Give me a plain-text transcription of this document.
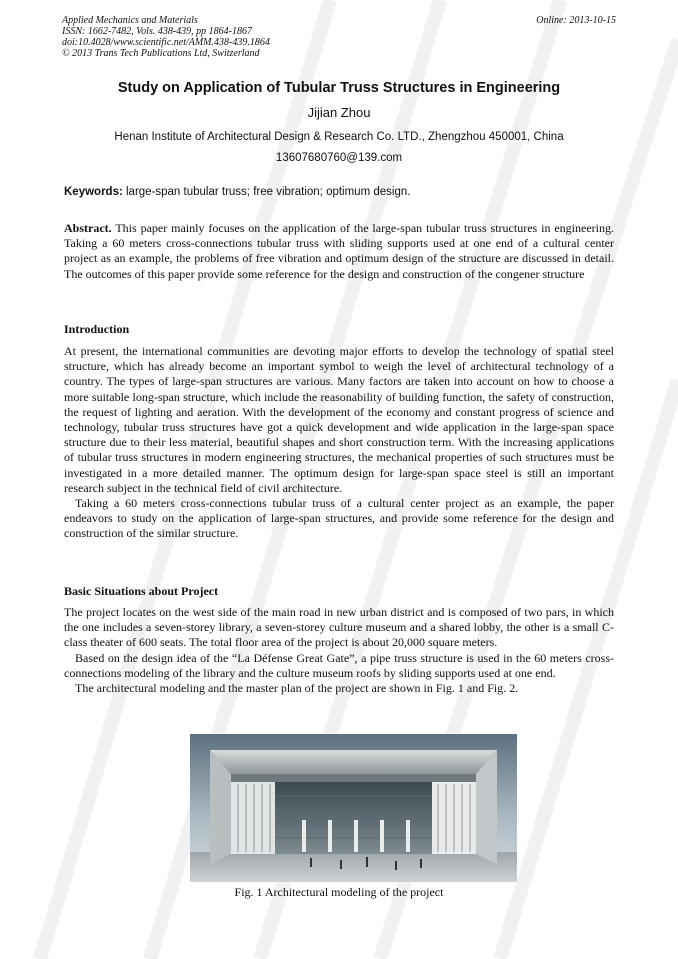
Applied Mechanics and Materials
ISSN: 1662-7482, Vols. 438-439, pp 1864-1867
doi:10.4028/www.scientific.net/AMM.438-439.1864
© 2013 Trans Tech Publications Ltd, Switzerland
Online: 2013-10-15
Study on Application of Tubular Truss Structures in Engineering
Jijian Zhou
Henan Institute of Architectural Design & Research Co. LTD., Zhengzhou 450001, China
13607680760@139.com
Keywords: large-span tubular truss; free vibration; optimum design.
Abstract. This paper mainly focuses on the application of the large-span tubular truss structures in engineering. Taking a 60 meters cross-connections tubular truss with sliding supports used at one end of a cultural center project as an example, the problems of free vibration and optimum design of the structure are discussed in detail. The outcomes of this paper provide some reference for the design and construction of the congener structure
Introduction
At present, the international communities are devoting major efforts to develop the technology of spatial steel structure, which has already become an important symbol to weigh the level of architectural technology of a country. The types of large-span structures are various. Many factors are taken into account on how to choose a more suitable long-span structure, which include the reasonability of building function, the safety of construction, the request of lighting and aeration. With the development of the economy and constant progress of science and technology, tubular truss structures have got a quick development and wide application in the large-span space structure due to their less material, beautiful shapes and short construction term. With the increasing applications of tubular truss structures in modern engineering structures, the mechanical properties of such structures must be investigated in a more detailed manner. The optimum design for large-span space steel is still an important research subject in the technical field of civil architecture.
Taking a 60 meters cross-connections tubular truss of a cultural center project as an example, the paper endeavors to study on the application of large-span structures, and provide some reference for the design and construction of the similar structure.
Basic Situations about Project
The project locates on the west side of the main road in new urban district and is composed of two pars, in which the one includes a seven-storey library, a seven-storey culture museum and a shared lobby, the other is a small C-class theater of 600 seats. The total floor area of the project is about 20,000 square meters.
Based on the design idea of the “La Défense Great Gate”, a pipe truss structure is used in the 60 meters cross-connections modeling of the library and the culture museum roofs by sliding supports used at one end.
The architectural modeling and the master plan of the project are shown in Fig. 1 and Fig. 2.
Fig. 1 Architectural modeling of the project
